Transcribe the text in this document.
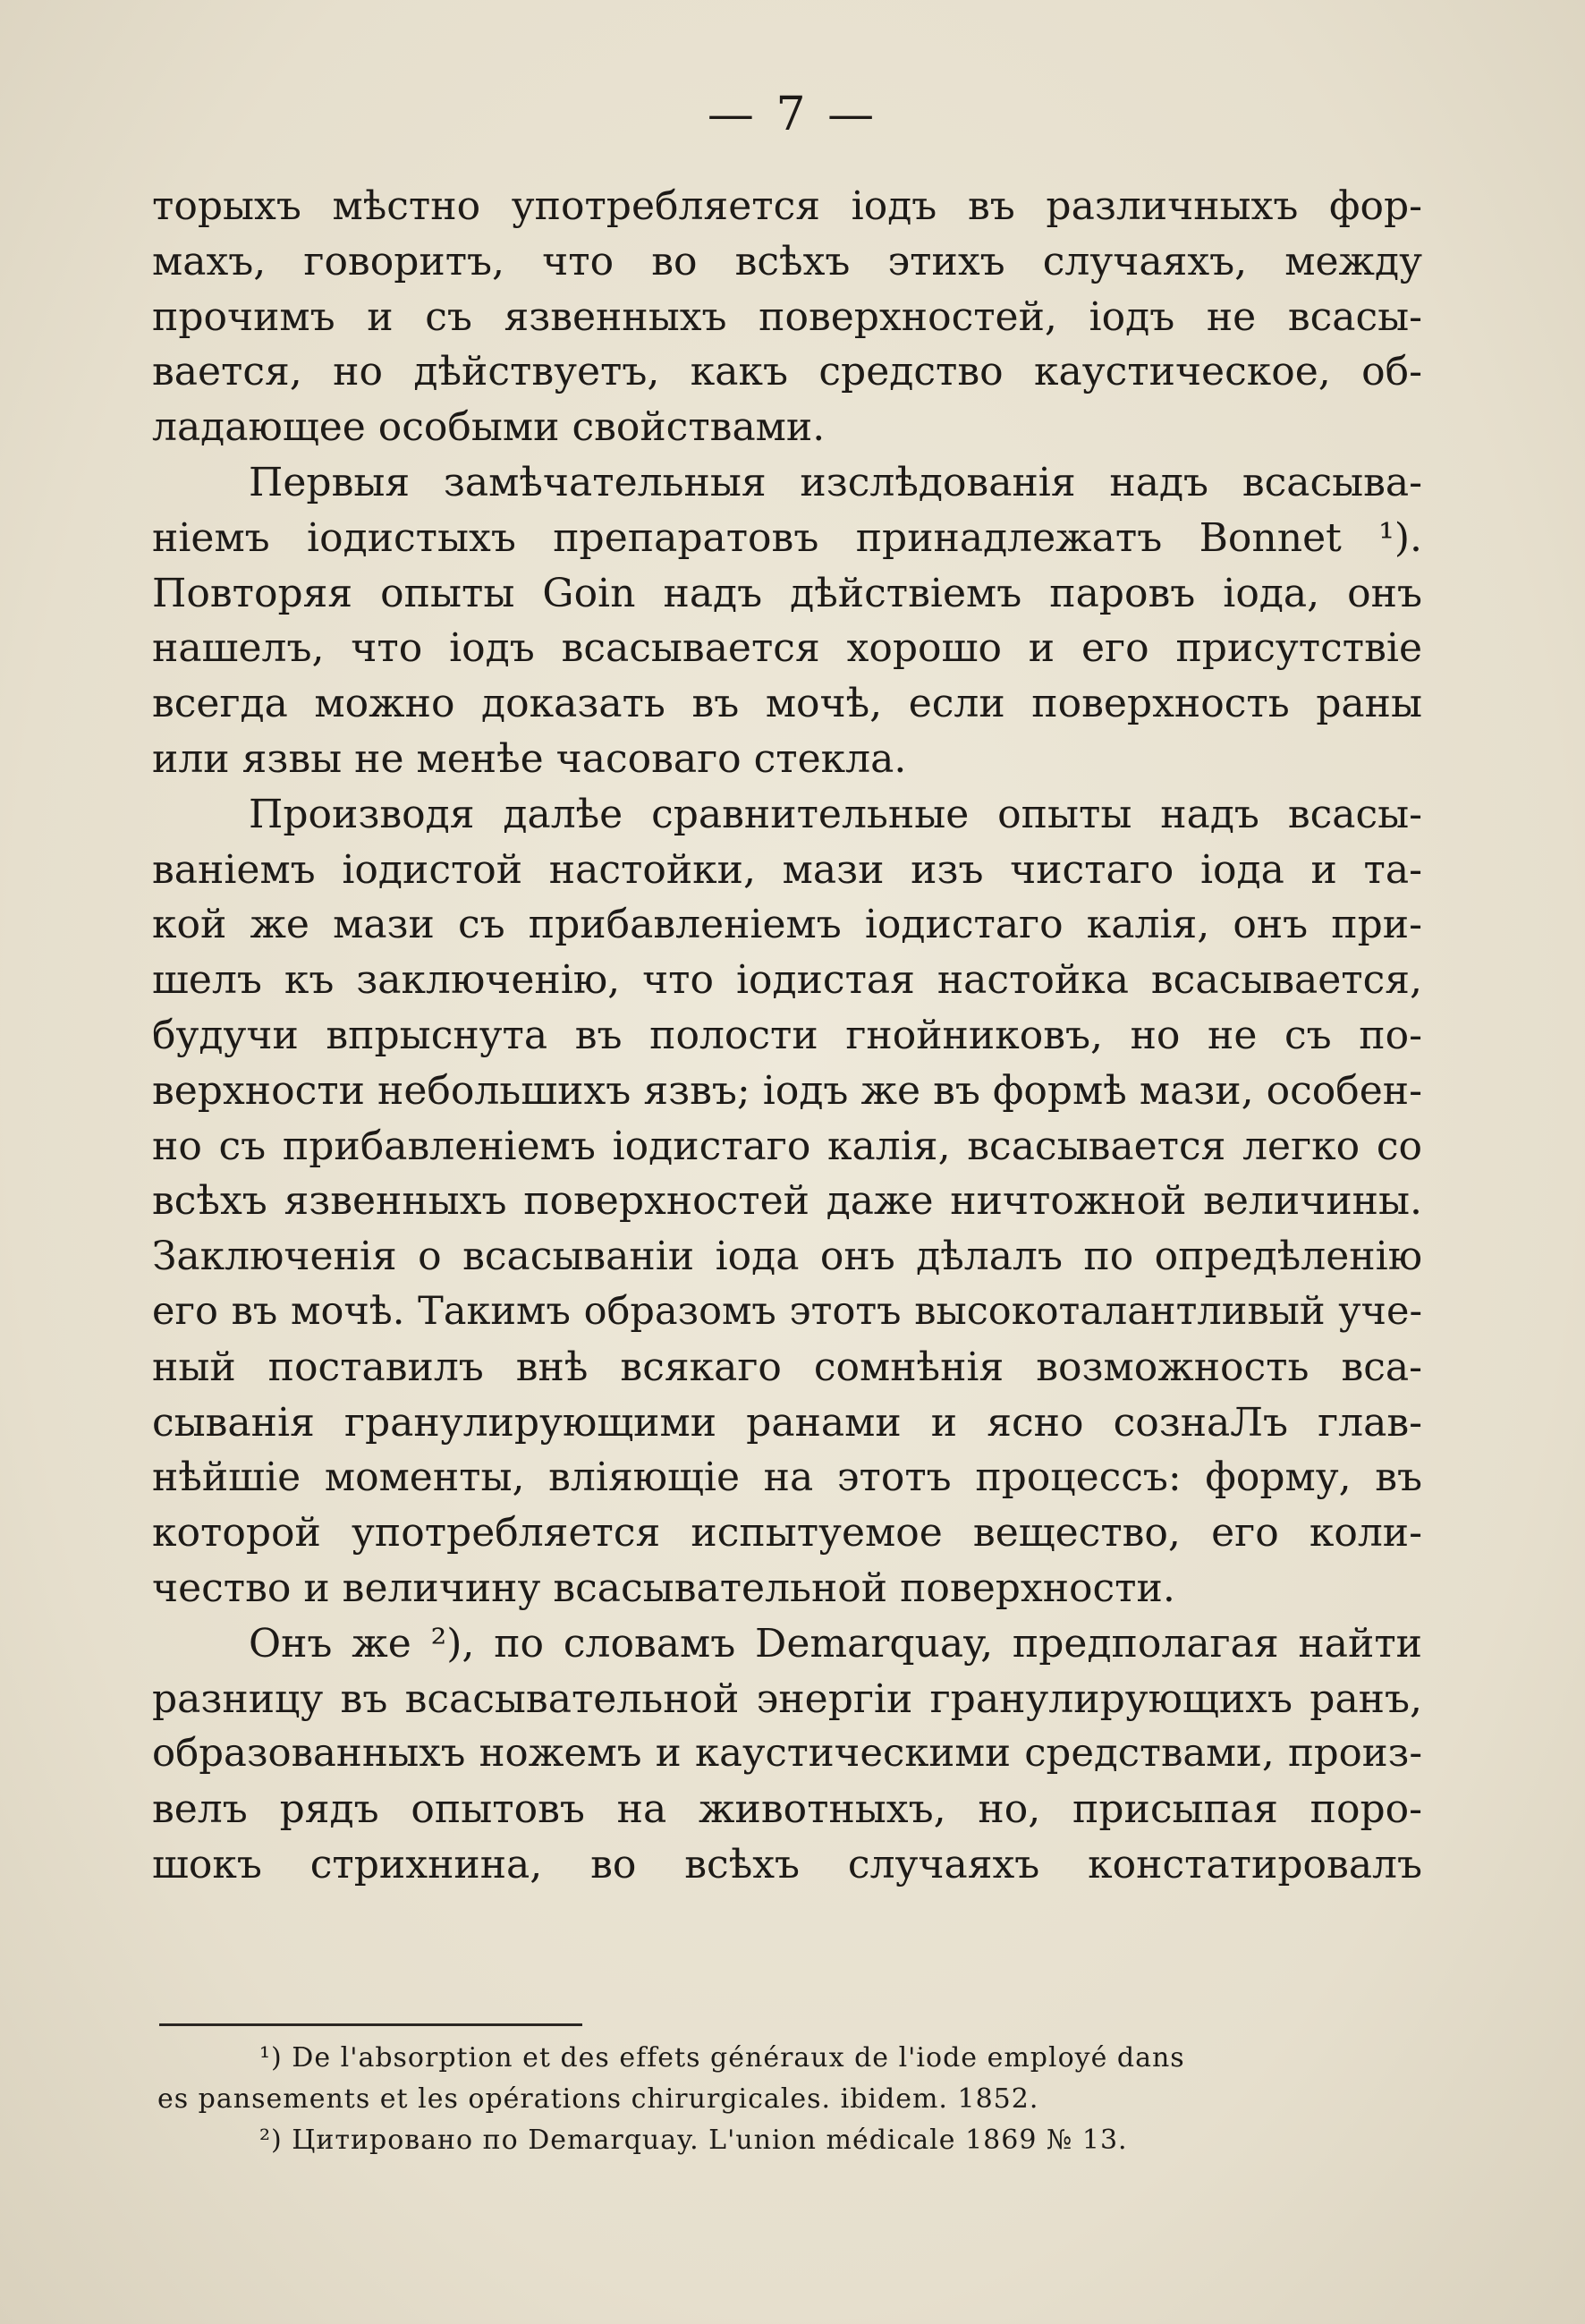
— 7 —
торыхъ мѣстно употребляется іодъ въ различныхъ фор-
махъ, говоритъ, что во всѣхъ этихъ случаяхъ, между
прочимъ и съ язвенныхъ поверхностей, іодъ не всасы-
вается, но дѣйствуетъ, какъ средство каустическое, об-
ладающее особыми свойствами.
Первыя замѣчательныя изслѣдованія надъ всасыва-
ніемъ іодистыхъ препаратовъ принадлежатъ Bonnet ¹).
Повторяя опыты Goin надъ дѣйствіемъ паровъ іода, онъ
нашелъ, что іодъ всасывается хорошо и его присутствіе
всегда можно доказать въ мочѣ, если поверхность раны
или язвы не менѣе часоваго стекла.
Производя далѣе сравнительные опыты надъ всасы-
ваніемъ іодистой настойки, мази изъ чистаго іода и та-
кой же мази съ прибавленіемъ іодистаго калія, онъ при-
шелъ къ заключенію, что іодистая настойка всасывается,
будучи впрыснута въ полости гнойниковъ, но не съ по-
верхности небольшихъ язвъ; іодъ же въ формѣ мази, особен-
но съ прибавленіемъ іодистаго калія, всасывается легко со
всѣхъ язвенныхъ поверхностей даже ничтожной величины.
Заключенія о всасываніи іода онъ дѣлалъ по опредѣленію
его въ мочѣ. Такимъ образомъ этотъ высокоталантливый уче-
ный поставилъ внѣ всякаго сомнѣнія возможность вса-
сыванія гранулирующими ранами и ясно сознаЛъ глав-
нѣйшіе моменты, вліяющіе на этотъ процессъ: форму, въ
которой употребляется испытуемое вещество, его коли-
чество и величину всасывательной поверхности.
Онъ же ²), по словамъ Demarquay, предполагая найти
разницу въ всасывательной энергіи гранулирующихъ ранъ,
образованныхъ ножемъ и каустическими средствами, произ-
велъ рядъ опытовъ на животныхъ, но, присыпая поро-
шокъ стрихнина, во всѣхъ случаяхъ констатировалъ
¹) De l'absorption et des effets généraux de l'iode employé dans
es pansements et les opérations chirurgicales. ibidem. 1852.
²) Цитировано по Demarquay. L'union médicale 1869 № 13.
